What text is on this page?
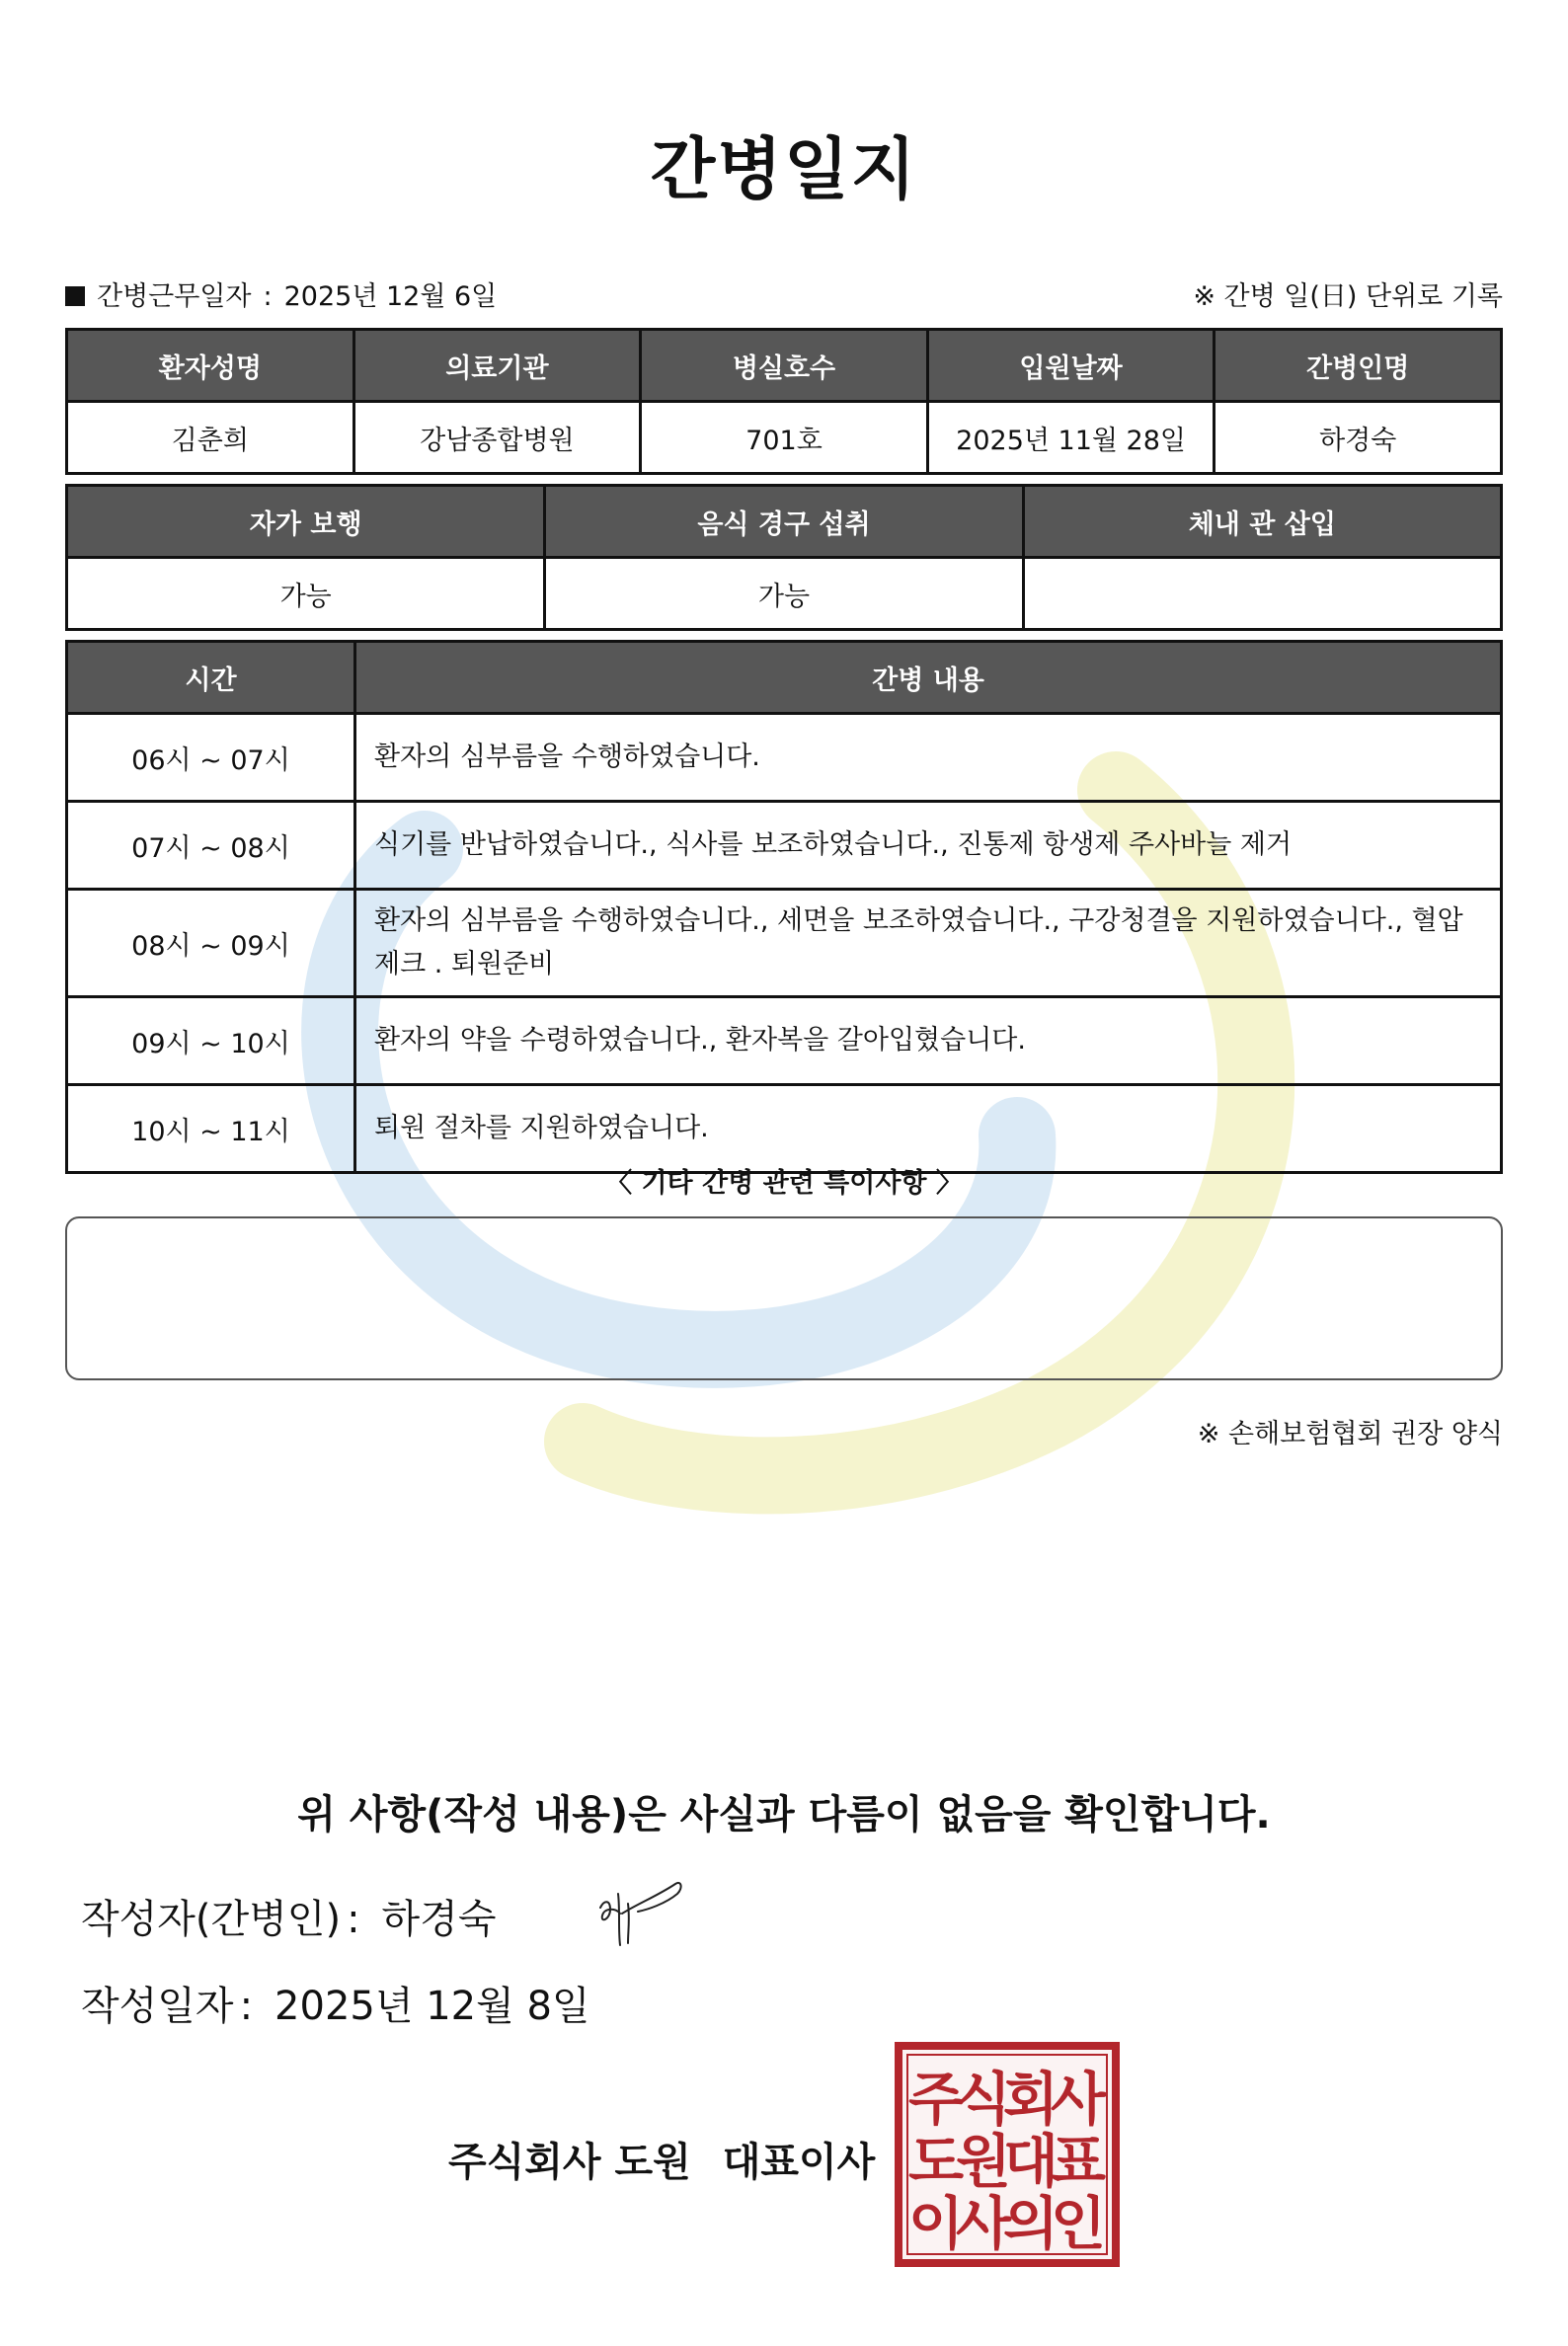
간병일지
간병근무일자 : 2025년 12월 6일	※ 간병 일(日) 단위로 기록
환자성명	의료기관	병실호수	입원날짜	간병인명
김춘희	강남종합병원	701호	2025년 11월 28일	하경숙
자가 보행	음식 경구 섭취	체내 관 삽입
가능	가능	
시간	간병 내용
06시 ~ 07시	환자의 심부름을 수행하였습니다.
07시 ~ 08시	식기를 반납하였습니다., 식사를 보조하였습니다., 진통제 항생제 주사바늘 제거
08시 ~ 09시	환자의 심부름을 수행하였습니다., 세면을 보조하였습니다., 구강청결을 지원하였습니다., 혈압 제크 . 퇴원준비
09시 ~ 10시	환자의 약을 수령하였습니다., 환자복을 갈아입혔습니다.
10시 ~ 11시	퇴원 절차를 지원하였습니다.
〈 기타 간병 관련 특이사항 〉
※ 손해보험협회 권장 양식
위 사항(작성 내용)은 사실과 다름이 없음을 확인합니다.
작성자(간병인) : 하경숙
작성일자 : 2025년 12월 8일
주식회사 도원 대표이사
주
식
회
사
도
원
대
표
이
사
의
인
